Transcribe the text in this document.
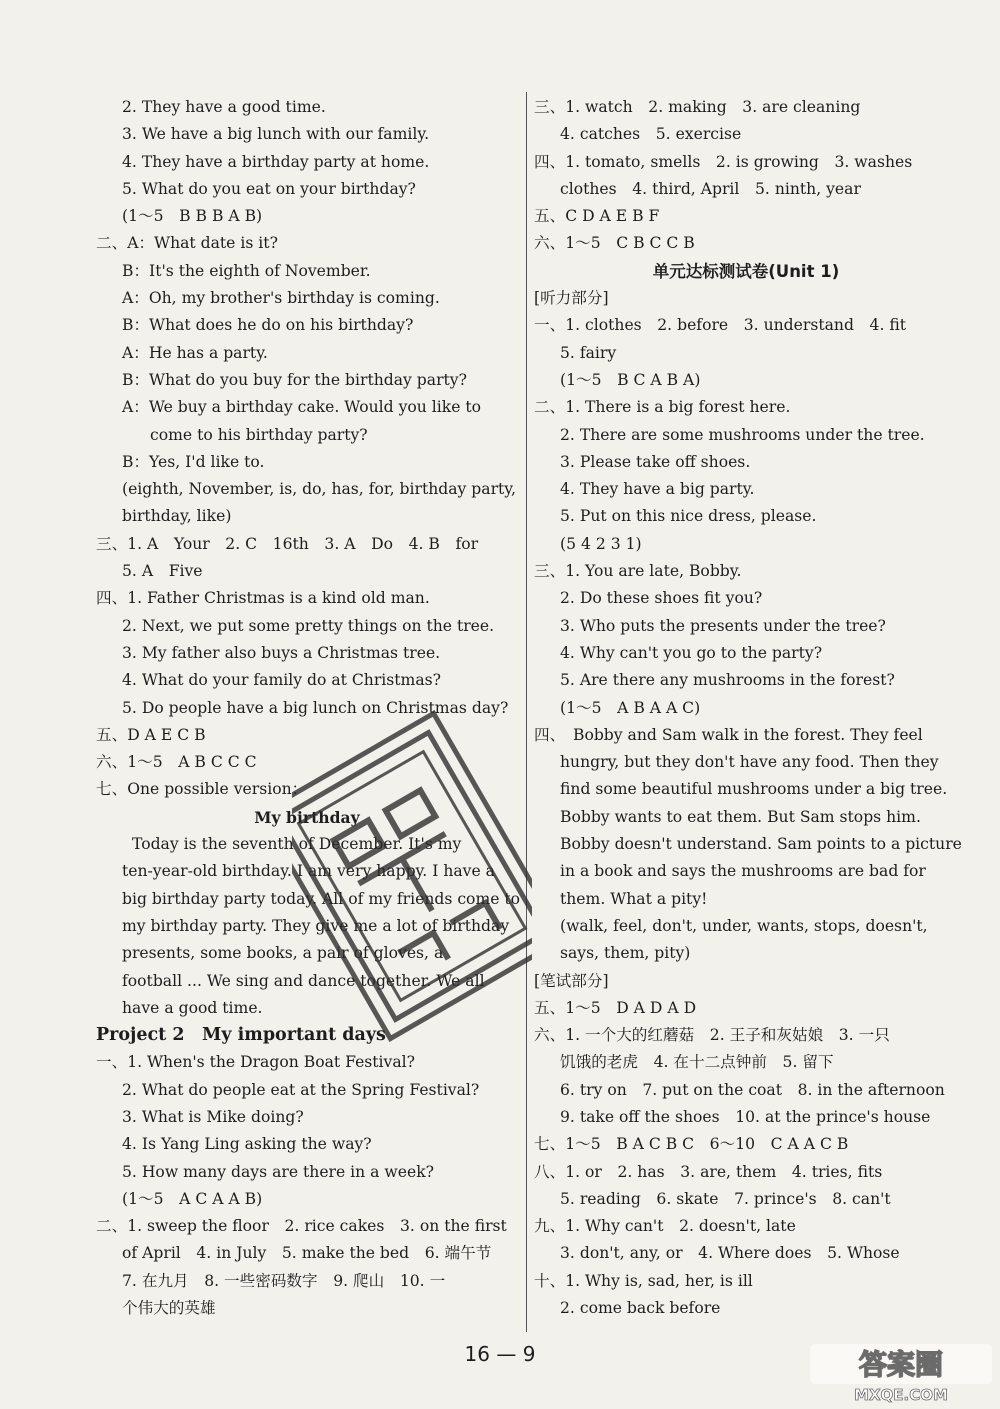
2. They have a good time.
3. We have a big lunch with our family.
4. They have a birthday party at home.
5. What do you eat on your birthday?
(1～5　B B B A B)
二、A：What date is it?
B：It's the eighth of November.
A：Oh, my brother's birthday is coming.
B：What does he do on his birthday?
A：He has a party.
B：What do you buy for the birthday party?
A：We buy a birthday cake. Would you like to
come to his birthday party?
B：Yes, I'd like to.
(eighth, November, is, do, has, for, birthday party,
birthday, like)
三、1. A　Your　2. C　16th　3. A　Do　4. B　for
5. A　Five
四、1. Father Christmas is a kind old man.
2. Next, we put some pretty things on the tree.
3. My father also buys a Christmas tree.
4. What do your family do at Christmas?
5. Do people have a big lunch on Christmas day?
五、D A E C B
六、1～5　A B C C C
七、One possible version：
My birthday
Today is the seventh of December. It's my
ten-year-old birthday. I am very happy. I have a
big birthday party today. All of my friends come to
my birthday party. They give me a lot of birthday
presents, some books, a pair of gloves, a
football ... We sing and dance together. We all
have a good time.
Project 2　My important days
一、1. When's the Dragon Boat Festival?
2. What do people eat at the Spring Festival?
3. What is Mike doing?
4. Is Yang Ling asking the way?
5. How many days are there in a week?
(1～5　A C A A B)
二、1. sweep the floor　2. rice cakes　3. on the first
of April　4. in July　5. make the bed　6. 端午节
7. 在九月　8. 一些密码数字　9. 爬山　10. 一
个伟大的英雄
三、1. watch　2. making　3. are cleaning
4. catches　5. exercise
四、1. tomato, smells　2. is growing　3. washes
clothes　4. third, April　5. ninth, year
五、C D A E B F
六、1～5　C B C C B
单元达标测试卷(Unit 1)
[听力部分]
一、1. clothes　2. before　3. understand　4. fit
5. fairy
(1～5　B C A B A)
二、1. There is a big forest here.
2. There are some mushrooms under the tree.
3. Please take off shoes.
4. They have a big party.
5. Put on this nice dress, please.
(5 4 2 3 1)
三、1. You are late, Bobby.
2. Do these shoes fit you?
3. Who puts the presents under the tree?
4. Why can't you go to the party?
5. Are there any mushrooms in the forest?
(1～5　A B A A C)
四、　Bobby and Sam walk in the forest. They feel
hungry, but they don't have any food. Then they
find some beautiful mushrooms under a big tree.
Bobby wants to eat them. But Sam stops him.
Bobby doesn't understand. Sam points to a picture
in a book and says the mushrooms are bad for
them. What a pity!
(walk, feel, don't, under, wants, stops, doesn't,
says, them, pity)
[笔试部分]
五、1～5　D A D A D
六、1. 一个大的红蘑菇　2. 王子和灰姑娘　3. 一只
饥饿的老虎　4. 在十二点钟前　5. 留下
6. try on　7. put on the coat　8. in the afternoon
9. take off the shoes　10. at the prince's house
七、1～5　B A C B C　6～10　C A A C B
八、1. or　2. has　3. are, them　4. tries, fits
5. reading　6. skate　7. prince's　8. can't
九、1. Why can't　2. doesn't, late
3. don't, any, or　4. Where does　5. Whose
十、1. Why is, sad, her, is ill
2. come back before
16 — 9	答案圈
MXQE.COM
